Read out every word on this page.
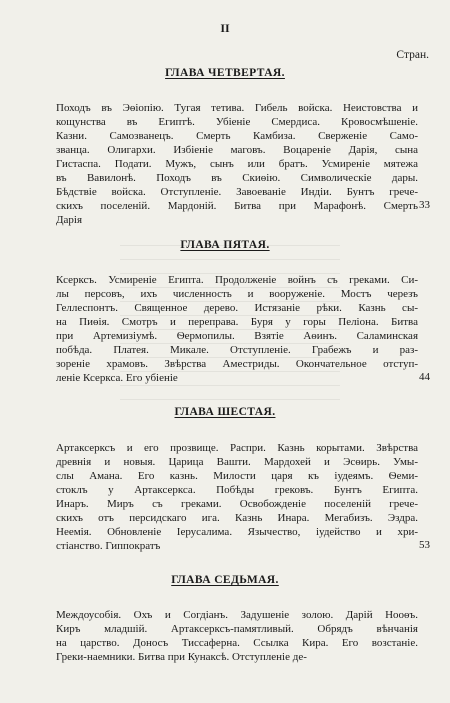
II
Стран.
ГЛАВА ЧЕТВЕРТАЯ.
Походъ въ Эѳіопію. Тугая тетива. Гибель войска. Неистовства и
кощунства въ Египтѣ. Убіеніе Смердиса. Кровосмѣшеніе.
Казни. Самозванецъ. Смерть Камбиза. Сверженіе Само-
званца. Олигархи. Избіеніе маговъ. Воцареніе Дарія, сына
Гистаспа. Подати. Мужъ, сынъ или братъ. Усмиреніе мятежа
въ Вавилонѣ. Походъ въ Скиѳію. Символическіе дары.
Бѣдствіе войска. Отступленіе. Завоеваніе Индіи. Бунтъ грече-
скихъ поселеній. Мардоній. Битва при Марафонѣ. Смерть
Дарія
33
ГЛАВА ПЯТАЯ.
Ксерксъ. Усмиреніе Египта. Продолженіе войнъ съ греками. Си-
лы персовъ, ихъ численность и вооруженіе. Мостъ черезъ
Геллеспонтъ. Священное дерево. Истязаніе рѣки. Казнь сы-
на Пиѳія. Смотръ и переправа. Буря у горы Пеліона. Битва
при Артемизіумѣ. Ѳермопилы. Взятіе Аѳинъ. Саламинская
побѣда. Платея. Микале. Отступленіе. Грабежъ и раз-
зореніе храмовъ. Звѣрства Аместриды. Окончательное отступ-
леніе Ксеркса. Его убіеніе	44
ГЛАВА ШЕСТАЯ.
Артаксерксъ и его прозвище. Распри. Казнь корытами. Звѣрства
древнія и новыя. Царица Вашти. Мардохей и Эсѳирь. Умы-
слы Амана. Его казнь. Милости царя къ іудеямъ. Ѳеми-
стоклъ у Артаксеркса. Побѣды грековъ. Бунтъ Египта.
Инаръ. Миръ съ греками. Освобожденіе поселеній грече-
скихъ отъ персидскаго ига. Казнь Инара. Мегабизъ. Эздра.
Неемія. Обновленіе Іерусалима. Язычество, іудейство и хри-
стіанство. Гиппократъ	53
ГЛАВА СЕДЬМАЯ.
Междоусобія. Охъ и Согдіанъ. Задушеніе золою. Дарій Нооѳъ.
Киръ младшій. Артаксерксъ-памятливый. Обрядъ вѣнчанія
на царство. Доносъ Тиссаферна. Ссылка Кира. Его возстаніе.
Греки-наемники. Битва при Кунаксѣ. Отступленіе де-
